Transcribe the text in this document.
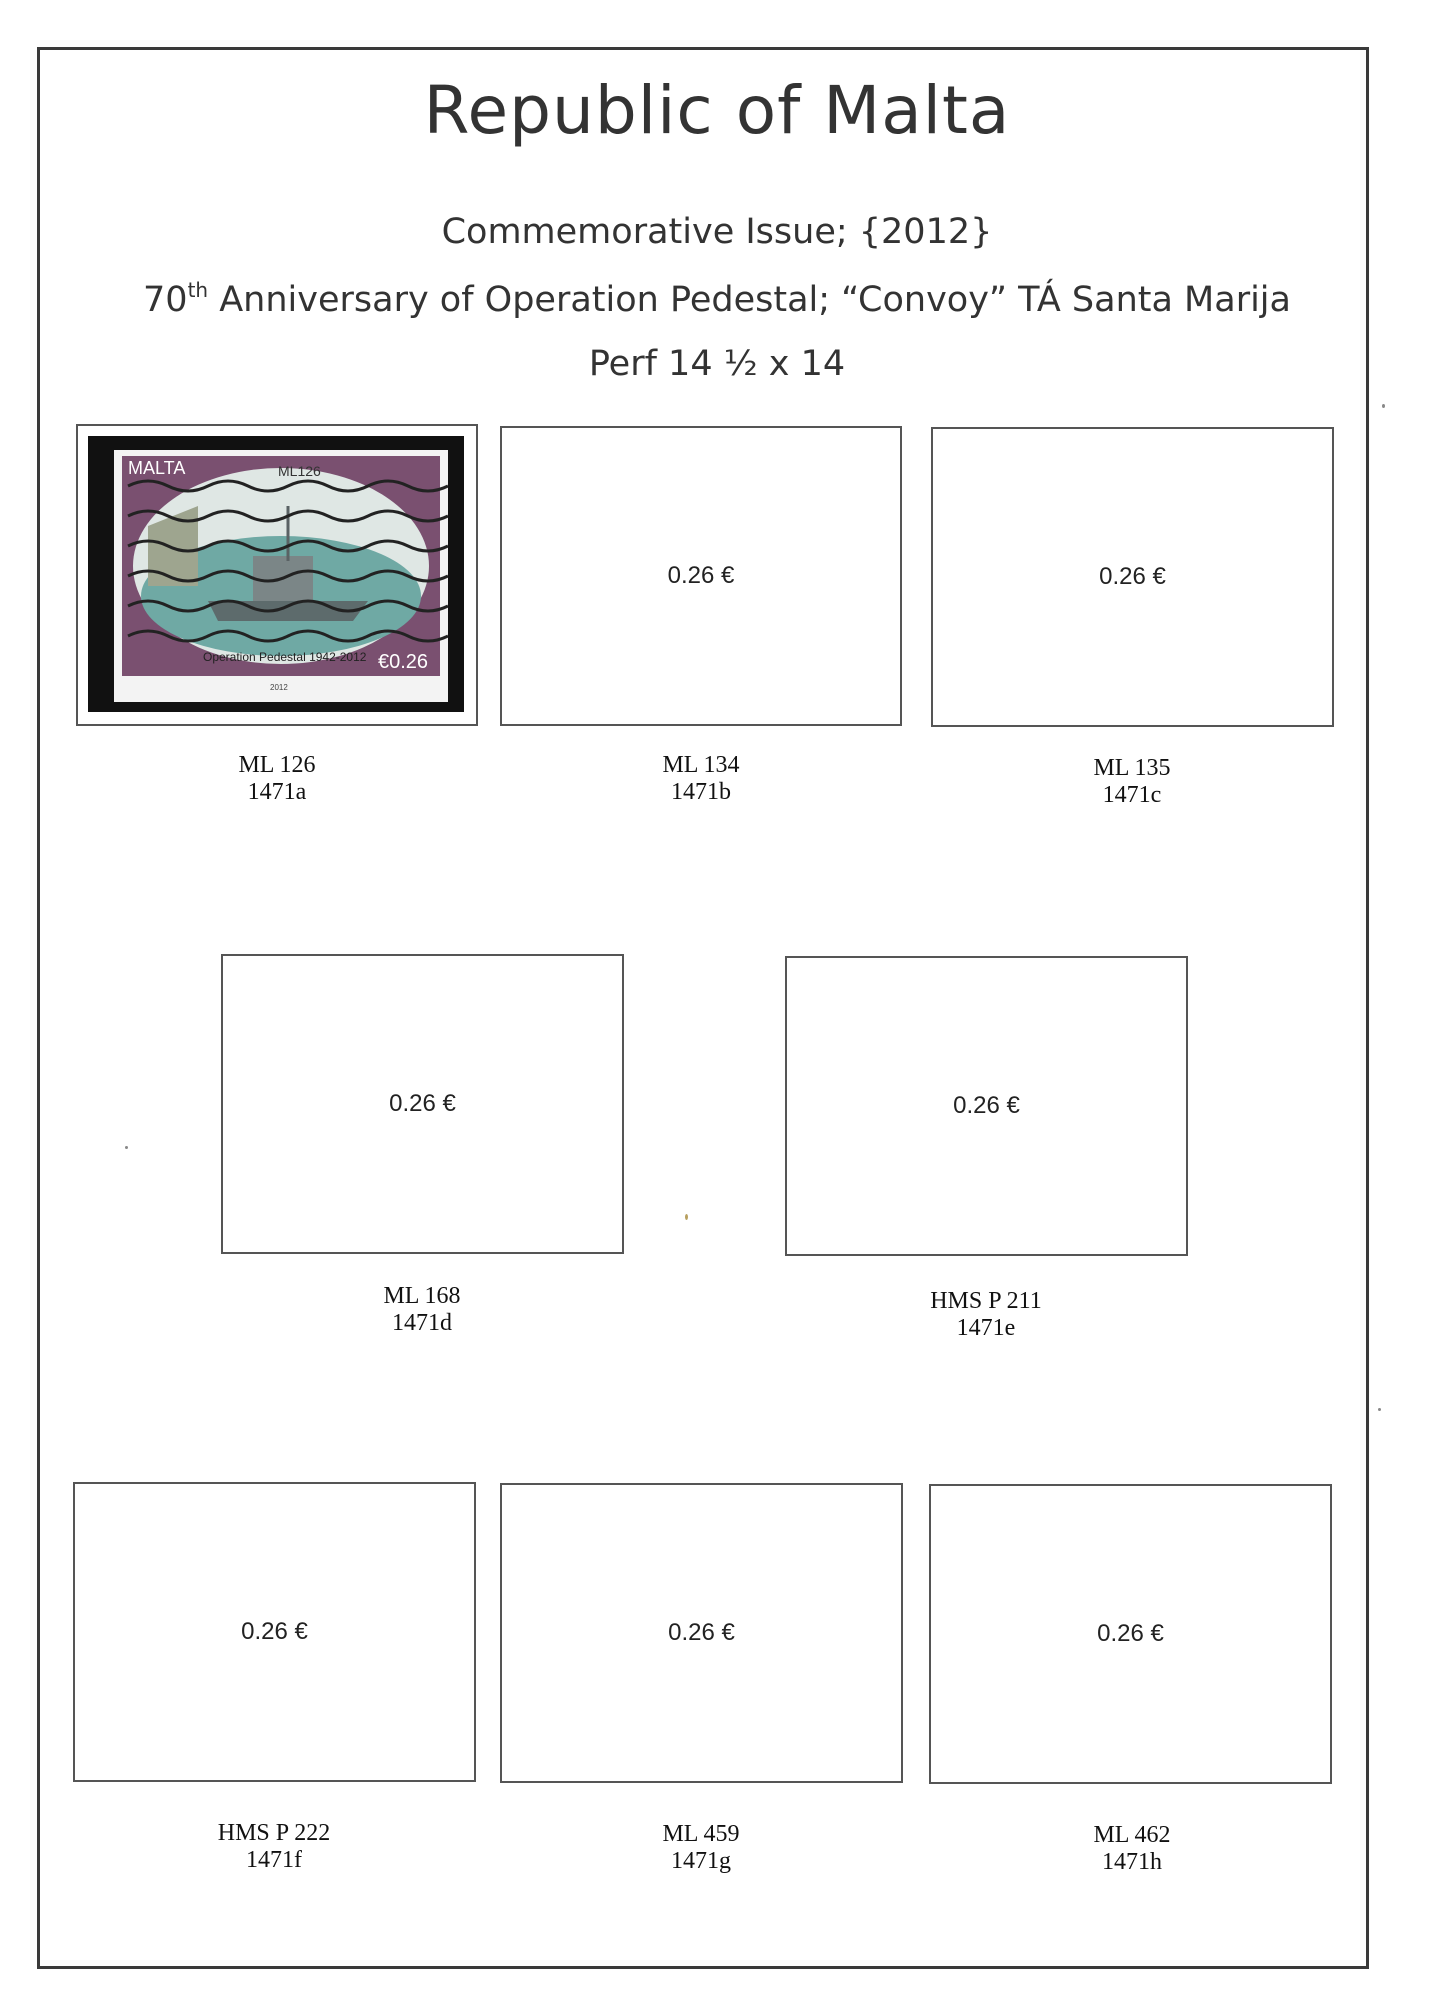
Republic of Malta
Commemorative Issue; {2012}
70th Anniversary of Operation Pedestal; “Convoy” TÁ Santa Marija
Perf 14 ½ x 14
MALTA	ML126
Operation Pedestal 1942-2012 €0.26
2012
0.26 €	0.26 €
ML 126
1471a
ML 134
1471b
ML 135
1471c
0.26 €	0.26 €
ML 168
1471d
HMS P 211
1471e
0.26 €	0.26 €	0.26 €
HMS P 222
1471f
ML 459
1471g
ML 462
1471h
